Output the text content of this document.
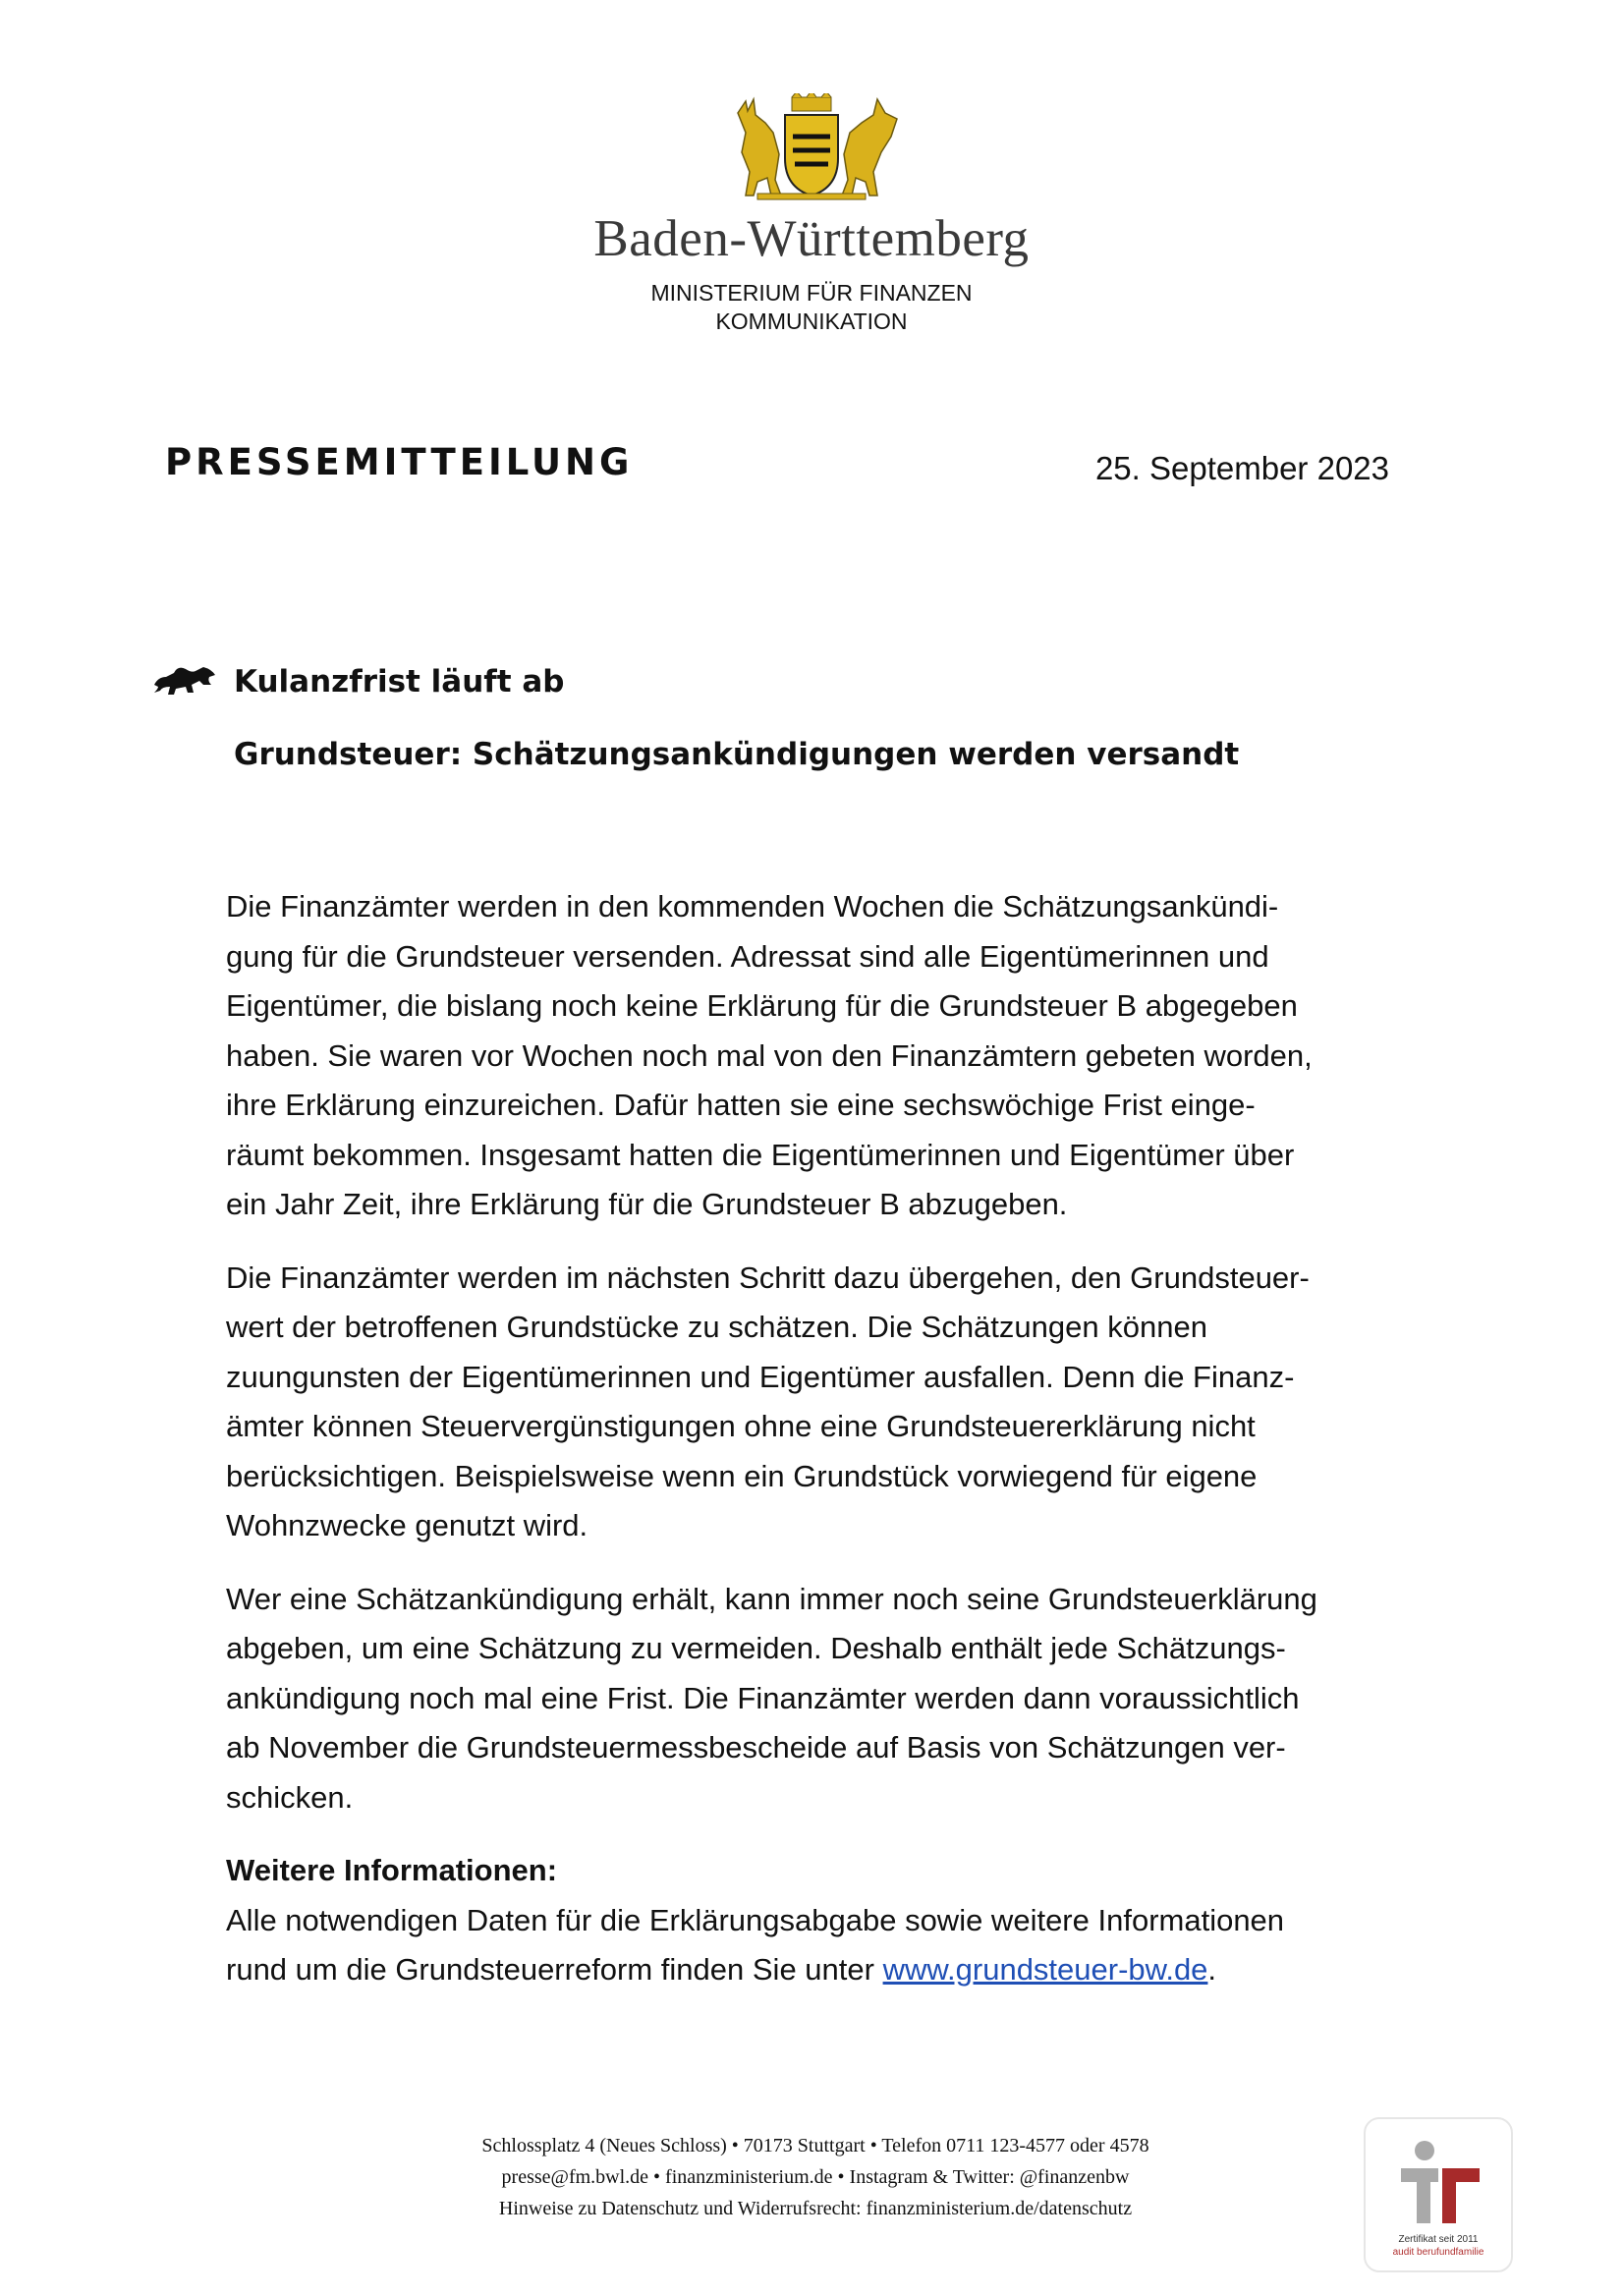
Baden-Württemberg
MINISTERIUM FÜR FINANZEN
KOMMUNIKATION
PRESSEMITTEILUNG	25. September 2023
Kulanzfrist läuft ab
Grundsteuer: Schätzungsankündigungen werden versandt

Die Finanzämter werden in den kommenden Wochen die Schätzungsankündi-
gung für die Grundsteuer versenden. Adressat sind alle Eigentümerinnen und
Eigentümer, die bislang noch keine Erklärung für die Grundsteuer B abgegeben
haben. Sie waren vor Wochen noch mal von den Finanzämtern gebeten worden,
ihre Erklärung einzureichen. Dafür hatten sie eine sechswöchige Frist einge-
räumt bekommen. Insgesamt hatten die Eigentümerinnen und Eigentümer über
ein Jahr Zeit, ihre Erklärung für die Grundsteuer B abzugeben.

Die Finanzämter werden im nächsten Schritt dazu übergehen, den Grundsteuer-
wert der betroffenen Grundstücke zu schätzen. Die Schätzungen können
zuungunsten der Eigentümerinnen und Eigentümer ausfallen. Denn die Finanz-
ämter können Steuervergünstigungen ohne eine Grundsteuererklärung nicht
berücksichtigen. Beispielsweise wenn ein Grundstück vorwiegend für eigene
Wohnzwecke genutzt wird.

Wer eine Schätzankündigung erhält, kann immer noch seine Grundsteuerklärung
abgeben, um eine Schätzung zu vermeiden. Deshalb enthält jede Schätzungs-
ankündigung noch mal eine Frist. Die Finanzämter werden dann voraussichtlich
ab November die Grundsteuermessbescheide auf Basis von Schätzungen ver-
schicken.

Weitere Informationen:
Alle notwendigen Daten für die Erklärungsabgabe sowie weitere Informationen
rund um die Grundsteuerreform finden Sie unter www.grundsteuer-bw.de.

Schlossplatz 4 (Neues Schloss) • 70173 Stuttgart • Telefon 0711 123-4577 oder 4578
presse@fm.bwl.de • finanzministerium.de • Instagram & Twitter: @finanzenbw
Hinweise zu Datenschutz und Widerrufsrecht: finanzministerium.de/datenschutz
Zertifikat seit 2011
audit berufundfamilie
